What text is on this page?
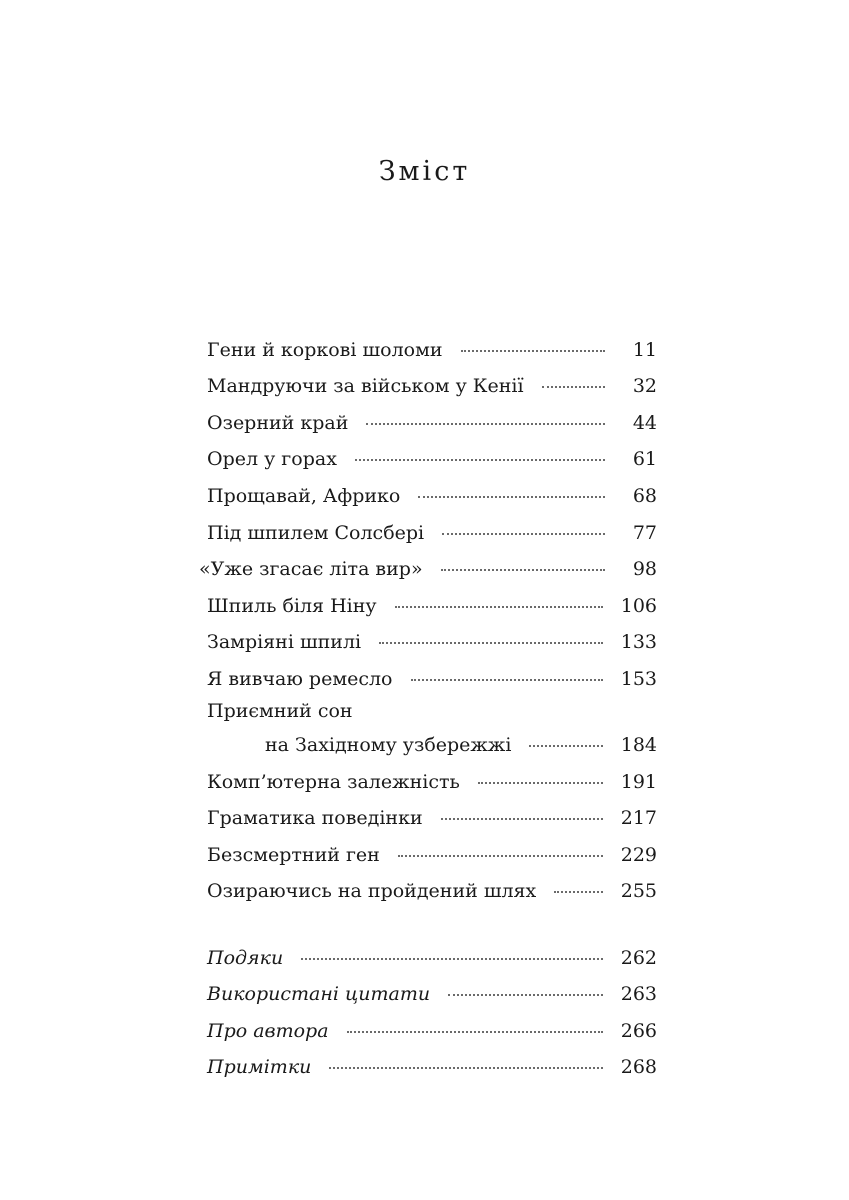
Зміст
Гени й коркові шоломи	11
Мандруючи за військом у Кенії	32
Озерний край	44
Орел у горах	61
Прощавай, Африко	68
Під шпилем Солсбері	77
«Уже згасає літа вир»	98
Шпиль біля Ніну	106
Замріяні шпилі	133
Я вивчаю ремесло	153
Приємний сон
на Західному узбережжі	184
Комп’ютерна залежність	191
Граматика поведінки	217
Безсмертний ген	229
Озираючись на пройдений шлях	255
Подяки	262
Використані цитати	263
Про автора	266
Примітки	268
